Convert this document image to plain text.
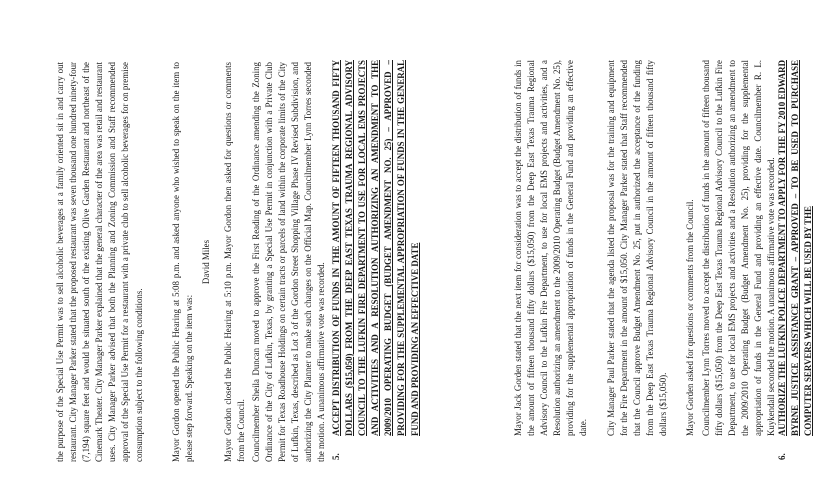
the purpose of the Special Use Permit was to sell alcoholic beverages at a family oriented sit in and carry out restaurant. City Manager Parker stated that the proposed restaurant was seven thousand one hundred ninety-four (7,194) square feet and would be situated south of the existing Olive Garden Restaurant and northeast of the Cinemark Theater. City Manager Parker explained that the general character of the area was retail and restaurant uses. City Manager Parker advised that both the Planning and Zoning Commission and Staff recommended approval of the Special Use Permit for a restaurant with a private club to sell alcoholic beverages for on premise consumption subject to the following conditions.	Mayor Gordon opened the Public Hearing at 5:08 p.m. and asked anyone who wished to speak on the item to please step forward. Speaking on the item was:

David Miles Mayor Gordon closed the Public Hearing at 5:10 p.m. Mayor Gordon then asked for questions or comments from the Council. Councilmember Sheila Duncan moved to approve the First Reading of the Ordinance amending the Zoning Ordinance of the City of Lufkin, Texas, by granting a Special Use Permit in conjunction with a Private Club Permit for Texas Roadhouse Holdings on certain tracts or parcels of land within the corporate limits of the City of Lufkin, Texas, described as Lot 3 of the Gordon Street Shopping Village Phase IV Revised Subdivision, and authorizing the City Planner to make such changes on the Official Map. Councilmember Lynn Torres seconded the motion. A unanimous affirmative vote was recorded. 5.

ACCEPT DISTRIBUTION OF FUNDS IN THE AMOUNT OF FIFTEEN THOUSAND FIFTY DOLLARS ($15,050) FROM THE DEEP EAST TEXAS TRAUMA REGIONAL ADVISORY COUNCIL TO THE LUFKIN FIRE DEPARTMENT TO USE FOR LOCAL EMS PROJECTS AND ACTIVITIES AND A RESOLUTION AUTHORIZING AN AMENDMENT TO THE 2009/2010 OPERATING BUDGET (BUDGET AMENDMENT NO. 25) – APPROVED – PROVIDING FOR THE SUPPLEMENTAL APPROPRIATION OF FUNDS IN THE GENERAL FUND AND PROVIDING AN EFFECTIVE DATE	Mayor Jack Gorden stated that the next item for consideration was to accept the distribution of funds in the amount of fifteen thousand fifty dollars ($15,050) from the Deep East Texas Trauma Regional Advisory Council to the Lufkin Fire Department, to use for local EMS projects and activities, and a Resolution authorizing an amendment to the 2009/2010 Operating Budget (Budget Amendment No. 25), providing for the supplemental appropriation of funds in the General Fund and providing an effective date. City Manager Paul Parker stated that the agenda listed the proposal was for the training and equipment for the Fire Department in the amount of $15,050. City Manager Parker stated that Staff recommended that the Council approve Budget Amendment No. 25, put in authorized the acceptance of the funding from the Deep East Texas Trauma Regional Advisory Council in the amount of fifteen thousand fifty dollars ($15,050). Mayor Gorden asked for questions or comments from the Council. Councilmember Lynn Torres moved to accept the distribution of funds in the amount of fifteen thousand fifty dollars ($15,050) from the Deep East Texas Trauma Regional Advisory Council to the Lufkin Fire Department, to use for local EMS projects and activities and a Resolution authorizing an amendment to the 2009/2010 Operating Budget (Budget Amendment No. 25), providing for the supplemental appropriation of funds in the General Fund and providing an effective date. Councilmember R. L. Kuykendall seconded the motion. A unanimous affirmative vote was recorded.

6.

AUTHORIZE THE LUFKIN POLICE DEPARTMENT TO APPLY FOR THE FY 2010 EDWARD BYRNE JUSTICE ASSISTANCE GRANT – APPROVED – TO BE USED TO PURCHASE COMPUTER SERVERS WHICH WILL BE USED BY THE
